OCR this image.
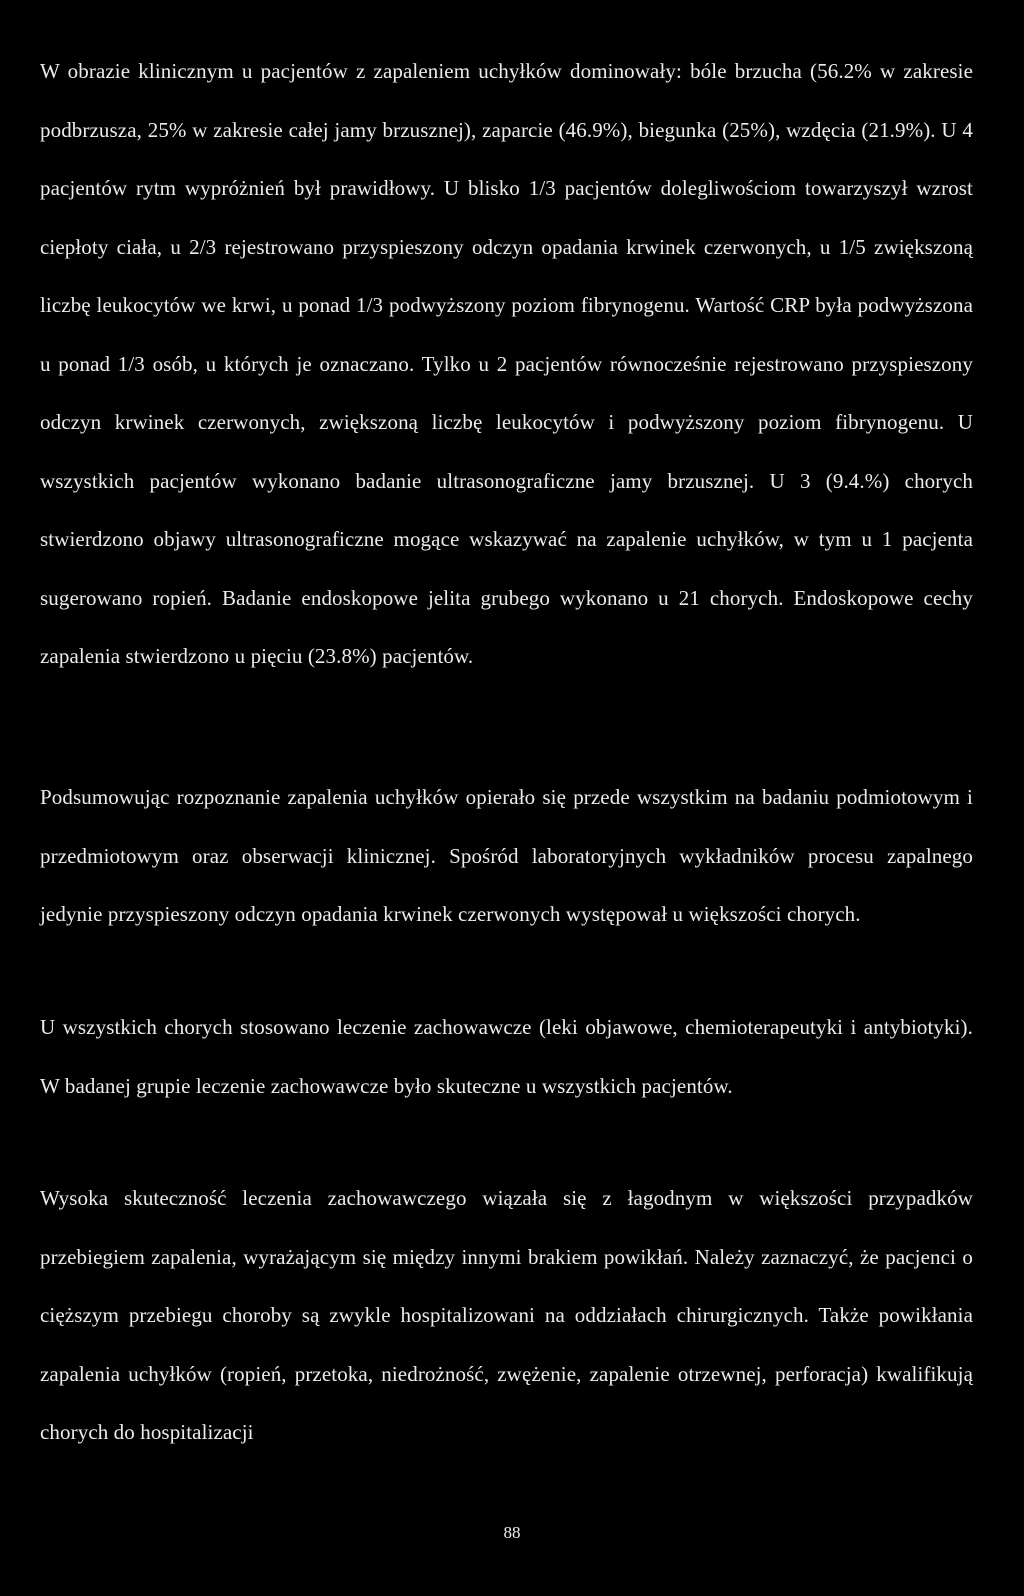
W obrazie klinicznym u pacjentów z zapaleniem uchyłków dominowały: bóle brzucha (56.2% w zakresie podbrzusza, 25% w zakresie całej jamy brzusznej), zaparcie (46.9%), biegunka (25%), wzdęcia (21.9%). U 4 pacjentów rytm wypróżnień był prawidłowy. U blisko 1/3 pacjentów dolegliwościom towarzyszył wzrost ciepłoty ciała, u 2/3 rejestrowano przyspieszony odczyn opadania krwinek czerwonych, u 1/5 zwiększoną liczbę leukocytów we krwi, u ponad 1/3 podwyższony poziom fibrynogenu. Wartość CRP była podwyższona u ponad 1/3 osób, u których je oznaczano. Tylko u 2 pacjentów równocześnie rejestrowano przyspieszony odczyn krwinek czerwonych, zwiększoną liczbę leukocytów i podwyższony poziom fibrynogenu. U wszystkich pacjentów wykonano badanie ultrasonograficzne jamy brzusznej. U 3 (9.4.%) chorych stwierdzono objawy ultrasonograficzne mogące wskazywać na zapalenie uchyłków, w tym u 1 pacjenta sugerowano ropień. Badanie endoskopowe jelita grubego wykonano u 21 chorych. Endoskopowe cechy zapalenia stwierdzono u pięciu (23.8%) pacjentów.

Podsumowując rozpoznanie zapalenia uchyłków opierało się przede wszystkim na badaniu podmiotowym i przedmiotowym oraz obserwacji klinicznej. Spośród laboratoryjnych wykładników procesu zapalnego jedynie przyspieszony odczyn opadania krwinek czerwonych występował u większości chorych.

U wszystkich chorych stosowano leczenie zachowawcze (leki objawowe, chemioterapeutyki i antybiotyki). W badanej grupie leczenie zachowawcze było skuteczne u wszystkich pacjentów.

Wysoka skuteczność leczenia zachowawczego wiązała się z łagodnym w większości przypadków przebiegiem zapalenia, wyrażającym się między innymi brakiem powikłań. Należy zaznaczyć, że pacjenci o cięższym przebiegu choroby są zwykle hospitalizowani na oddziałach chirurgicznych. Także powikłania zapalenia uchyłków (ropień, przetoka, niedrożność, zwężenie, zapalenie otrzewnej, perforacja) kwalifikują chorych do hospitalizacji

88
